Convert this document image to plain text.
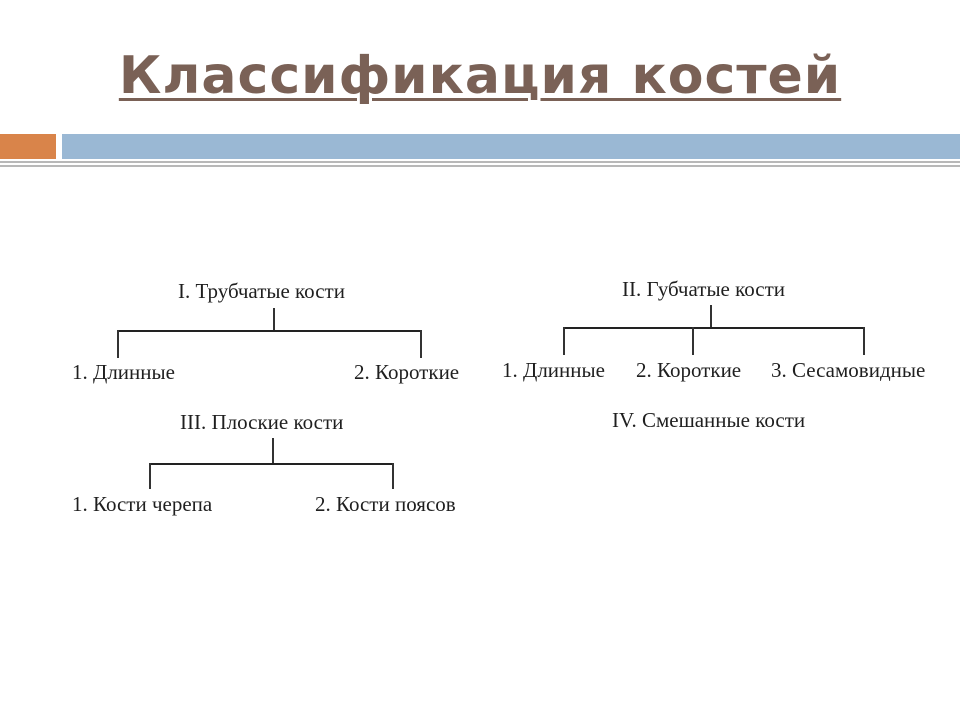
Классификация костей
I. Трубчатые кости
1. Длинные	2. Короткие
II. Губчатые кости
1. Длинные 2. Короткие 3. Сесамовидные
III. Плоские кости
1. Кости черепа	2. Кости поясов
IV. Смешанные кости
